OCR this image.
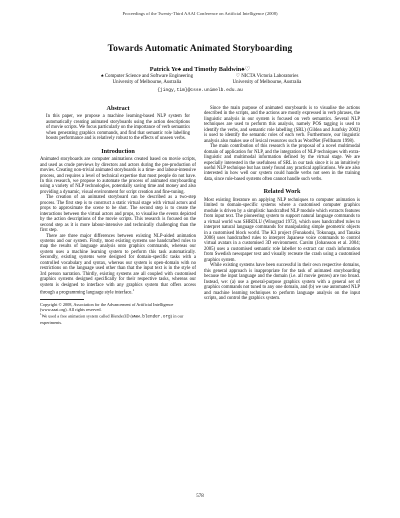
Proceedings of the Twenty-Third AAAI Conference on Artificial Intelligence (2008)
Towards Automatic Animated Storyboarding
Patrick Ye♠ and Timothy Baldwin♠♡
♠ Computer Science and Software Engineering
University of Melbourne, Australia
♡ NICTA Victoria Laboratories
University of Melbourne, Australia
{jingy,tim}@csse.unimelb.edu.au
Abstract

In this paper, we propose a machine learning-based NLP system for automatically creating animated storyboards using the action descriptions of movie scripts. We focus particularly on the importance of verb semantics when generating graphics commands, and find that semantic role labelling boosts performance and is relatively robust to the effects of unseen verbs.

Introduction

Animated storyboards are computer animations created based on movie scripts, and used as crude previews by directors and actors during the pre-production of movies. Creating non-trivial animated storyboards is a time- and labour-intensive process, and requires a level of technical expertise that most people do not have. In this research, we propose to automate the process of animated storyboarding using a variety of NLP technologies, potentially saving time and money and also providing a dynamic, visual environment for script creation and fine-tuning.

The creation of an animated storyboard can be described as a two-step process. The first step is to construct a static virtual stage with virtual actors and props to approximate the scene to be shot. The second step is to create the interactions between the virtual actors and props, to visualise the events depicted by the action descriptions of the movie scripts. This research is focused on the second step as it is more labour-intensive and technically challenging than the first step.

There are three major differences between existing NLP-aided animation systems and our system. Firstly, most existing systems use handcrafted rules to map the results of language analysis onto graphics commands, whereas our system uses a machine learning system to perform this task automatically. Secondly, existing systems were designed for domain-specific tasks with a controlled vocabulary and syntax, whereas our system is open-domain with no restrictions on the language used other than that the input text is in the style of 3rd person narration. Thirdly, existing systems are all coupled with customised graphics systems designed specifically for their respective tasks, whereas our system is designed to interface with any graphics system that offers access through a programming language style interface.$^1$

Copyright © 2008, Association for the Advancement of Artificial Intelligence (www.aaai.org). All rights reserved.
$^1$We used a free animation system called Blender3D (www.blender.org) in our experiments.

Since the main purpose of animated storyboards is to visualise the actions described in the scripts, and the actions are mostly expressed in verb phrases, the linguistic analysis in our system is focused on verb semantics. Several NLP techniques are used to perform this analysis, namely POS tagging is used to identify the verbs, and semantic role labelling (SRL) (Gildea and Jurafsky 2002) is used to identify the semantic roles of each verb. Furthermore, our linguistic analysis also makes use of lexical resources such as WordNet (Fellbaum 1998).

The main contribution of this research is the proposal of a novel multimodal domain of application for NLP, and the integration of NLP techniques with extra-linguistic and multimodal information defined by the virtual stage. We are especially interested in the usefulness of SRL in our task since it is an intuitively useful NLP technique but has rarely found any practical applications. We are also interested in how well our system could handle verbs not seen in the training data, since rule-based systems often cannot handle such verbs.

Related Work

Most existing literature on applying NLP techniques to computer animation is limited to domain-specific systems where a customised computer graphics module is driven by a simplistic handcrafted NLP module which extracts features from input text. The pioneering system to support natural language commands to a virtual world was SHRDLU (Winograd 1972), which uses handcrafted rules to interpret natural language commands for manipulating simple geometric objects in a customised block world. The K3 project (Funakoshi, Tokunaga, and Tanaka 2006) uses handcrafted rules to interpret Japanese voice commands to control virtual avatars in a customised 3D environment. Carsim (Johansson et al. 2004; 2005) uses a customised semantic role labeller to extract car crash information from Swedish newspaper text and visually recreate the crash using a customised graphics system.

While existing systems have been successful in their own respective domains, this general approach is inappropriate for the task of animated storyboarding because the input language and the domain (i.e. all movie genres) are too broad. Instead, we: (a) use a general-purpose graphics system with a general set of graphics commands not tuned to any one domain, and (b) we use automated NLP and machine learning techniques to perform language analysis on the input scripts, and control the graphics system.

578
